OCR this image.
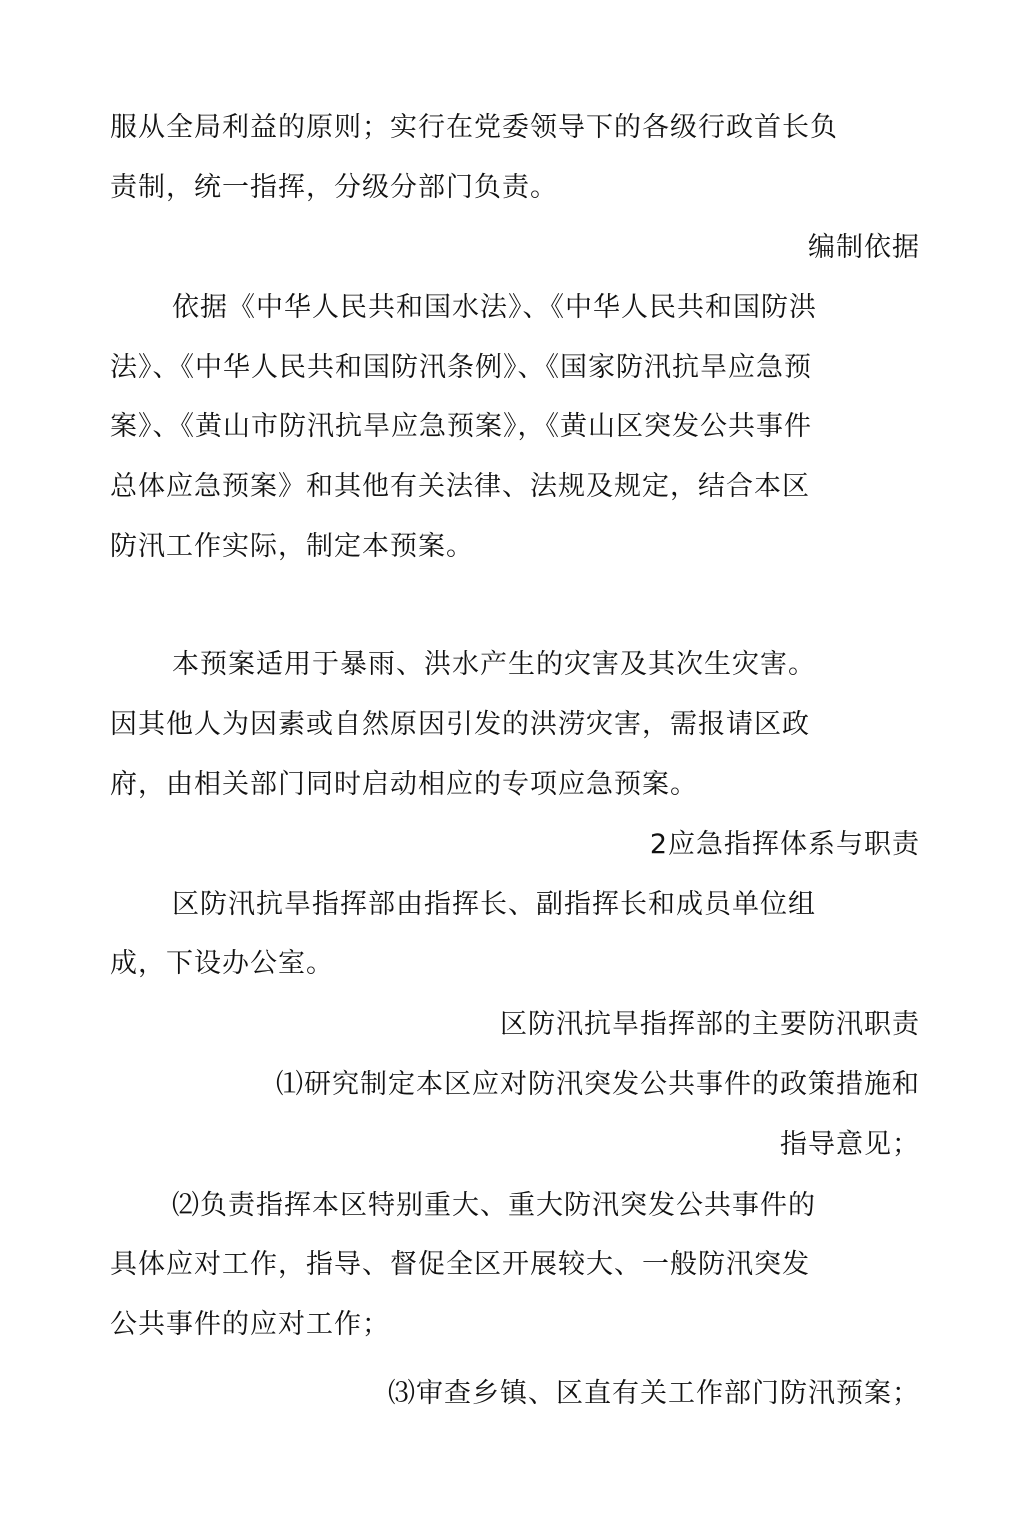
服从全局利益的原则；实行在党委领导下的各级行政首长负
责制，统一指挥，分级分部门负责。
编制依据
依据《中华人民共和国水法》、《中华人民共和国防洪
法》、《中华人民共和国防汛条例》、《国家防汛抗旱应急预
案》、《黄山市防汛抗旱应急预案》，《黄山区突发公共事件
总体应急预案》和其他有关法律、法规及规定，结合本区
防汛工作实际，制定本预案。
本预案适用于暴雨、洪水产生的灾害及其次生灾害。
因其他人为因素或自然原因引发的洪涝灾害，需报请区政
府，由相关部门同时启动相应的专项应急预案。
2应急指挥体系与职责
区防汛抗旱指挥部由指挥长、副指挥长和成员单位组
成，下设办公室。
区防汛抗旱指挥部的主要防汛职责
⑴研究制定本区应对防汛突发公共事件的政策措施和
指导意见；
⑵负责指挥本区特别重大、重大防汛突发公共事件的
具体应对工作，指导、督促全区开展较大、一般防汛突发
公共事件的应对工作；
⑶审查乡镇、区直有关工作部门防汛预案；
